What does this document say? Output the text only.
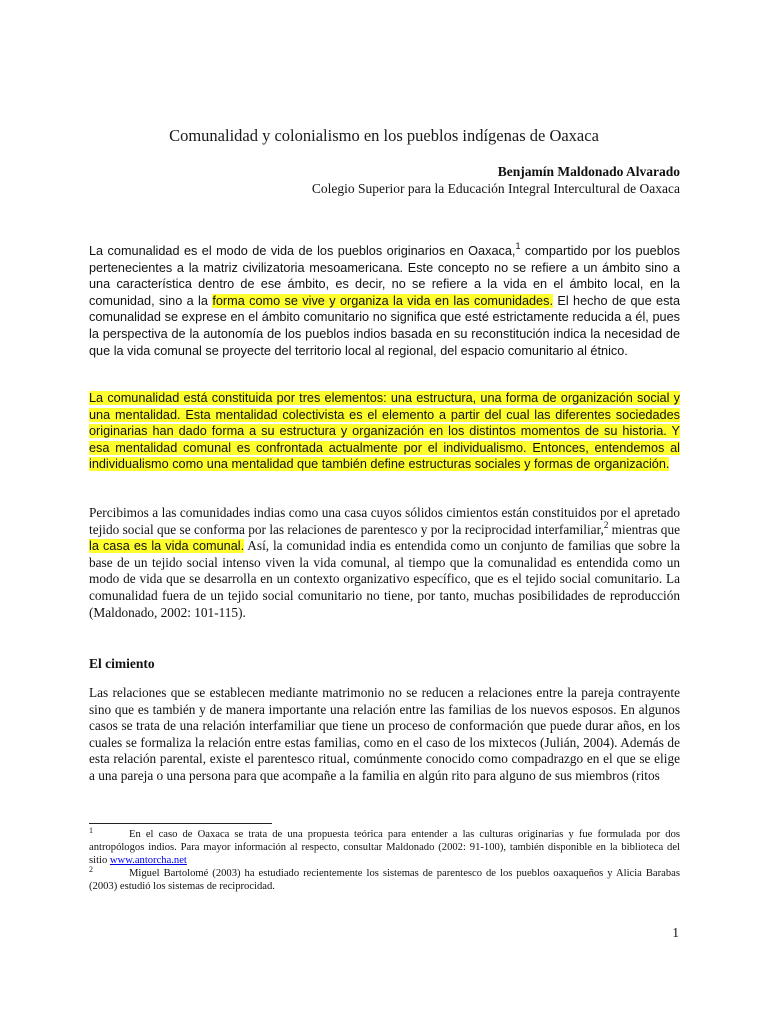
Comunalidad y colonialismo en los pueblos indígenas de Oaxaca
Benjamín Maldonado Alvarado
Colegio Superior para la Educación Integral Intercultural de Oaxaca

La comunalidad es el modo de vida de los pueblos originarios en Oaxaca,$^1$ compartido por los pueblos pertenecientes a la matriz civilizatoria mesoamericana. Este concepto no se refiere a un ámbito sino a una característica dentro de ese ámbito, es decir, no se refiere a la vida en el ámbito local, en la comunidad, sino a la forma como se vive y organiza la vida en las comunidades. El hecho de que esta comunalidad se exprese en el ámbito comunitario no significa que esté estrictamente reducida a él, pues la perspectiva de la autonomía de los pueblos indios basada en su reconstitución indica la necesidad de que la vida comunal se proyecte del territorio local al regional, del espacio comunitario al étnico.

La comunalidad está constituida por tres elementos: una estructura, una forma de organización social y una mentalidad. Esta mentalidad colectivista es el elemento a partir del cual las diferentes sociedades originarias han dado forma a su estructura y organización en los distintos momentos de su historia. Y esa mentalidad comunal es confrontada actualmente por el individualismo. Entonces, entendemos al individualismo como una mentalidad que también define estructuras sociales y formas de organización.

Percibimos a las comunidades indias como una casa cuyos sólidos cimientos están constituidos por el apretado tejido social que se conforma por las relaciones de parentesco y por la reciprocidad interfamiliar,$^2$ mientras que la casa es la vida comunal. Así, la comunidad india es entendida como un conjunto de familias que sobre la base de un tejido social intenso viven la vida comunal, al tiempo que la comunalidad es entendida como un modo de vida que se desarrolla en un contexto organizativo específico, que es el tejido social comunitario. La comunalidad fuera de un tejido social comunitario no tiene, por tanto, muchas posibilidades de reproducción (Maldonado, 2002: 101-115).

El cimiento

Las relaciones que se establecen mediante matrimonio no se reducen a relaciones entre la pareja contrayente sino que es también y de manera importante una relación entre las familias de los nuevos esposos. En algunos casos se trata de una relación interfamiliar que tiene un proceso de conformación que puede durar años, en los cuales se formaliza la relación entre estas familias, como en el caso de los mixtecos (Julián, 2004). Además de esta relación parental, existe el parentesco ritual, comúnmente conocido como compadrazgo en el que se elige a una pareja o una persona para que acompañe a la familia en algún rito para alguno de sus miembros (ritos

$^1$	En el caso de Oaxaca se trata de una propuesta teórica para entender a las culturas originarias y fue formulada por dos antropólogos indios. Para mayor información al respecto, consultar Maldonado (2002: 91-100), también disponible en la biblioteca del sitio www.antorcha.net

$^2$	Miguel Bartolomé (2003) ha estudiado recientemente los sistemas de parentesco de los pueblos oaxaqueños y Alicia Barabas (2003) estudió los sistemas de reciprocidad.

1
